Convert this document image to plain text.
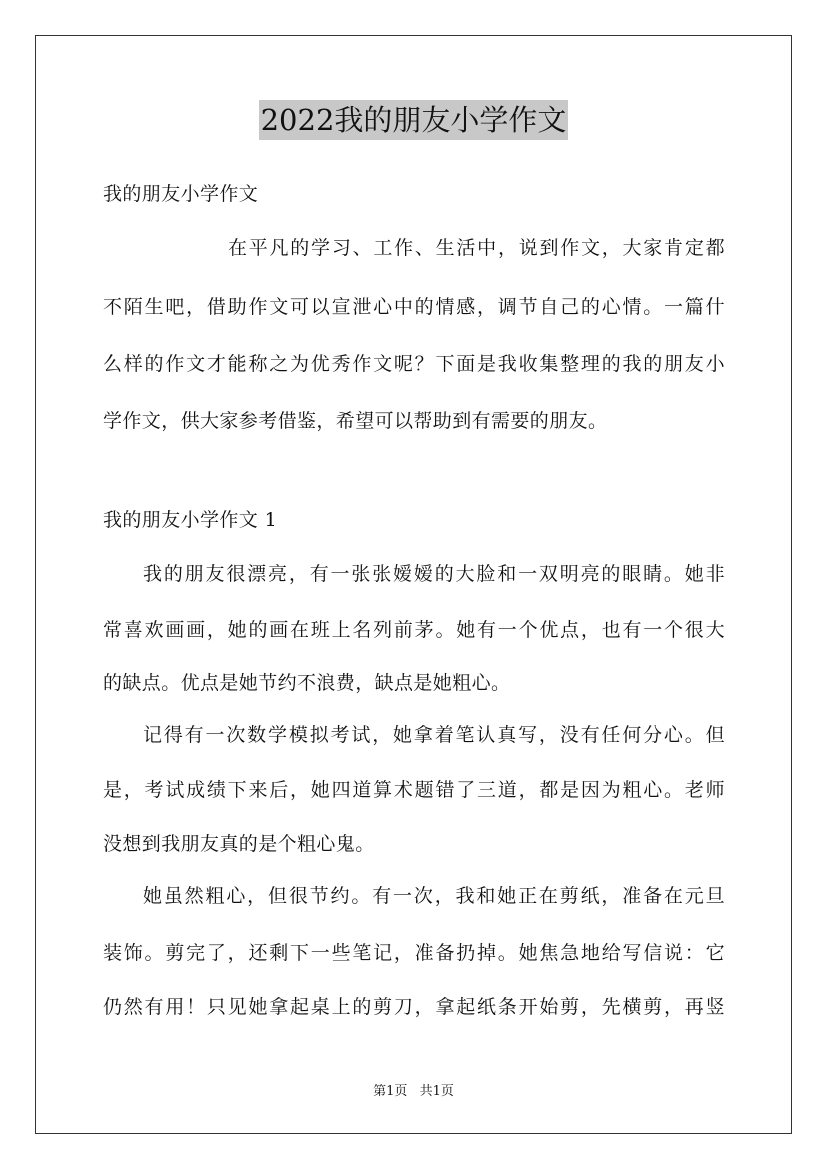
2022我的朋友小学作文
我的朋友小学作文
在平凡的学习、工作、生活中，说到作文，大家肯定都
不陌生吧，借助作文可以宣泄心中的情感，调节自己的心情。一篇什
么样的作文才能称之为优秀作文呢？下面是我收集整理的我的朋友小
学作文，供大家参考借鉴，希望可以帮助到有需要的朋友。
我的朋友小学作文 1
我的朋友很漂亮，有一张张嫒嫒的大脸和一双明亮的眼睛。她非
常喜欢画画，她的画在班上名列前茅。她有一个优点，也有一个很大
的缺点。优点是她节约不浪费，缺点是她粗心。
记得有一次数学模拟考试，她拿着笔认真写，没有任何分心。但
是，考试成绩下来后，她四道算术题错了三道，都是因为粗心。老师
没想到我朋友真的是个粗心鬼。
她虽然粗心，但很节约。有一次，我和她正在剪纸，准备在元旦
装饰。剪完了，还剩下一些笔记，准备扔掉。她焦急地给写信说：它
仍然有用！只见她拿起桌上的剪刀，拿起纸条开始剪，先横剪，再竖
第1页 共1页
